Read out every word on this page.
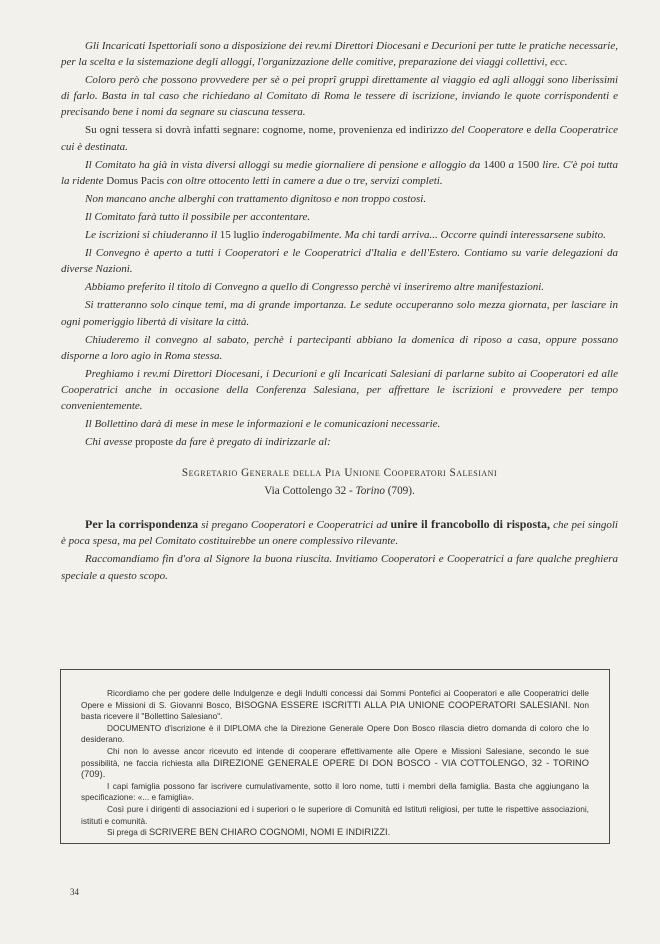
Gli Incaricati Ispettoriali sono a disposizione dei rev.mi Direttori Diocesani e Decurioni per tutte le pratiche necessarie, per la scelta e la sistemazione degli alloggi, l'organizzazione delle comitive, preparazione dei viaggi collettivi, ecc.

Coloro però che possono provvedere per sè o pei proprî gruppi direttamente al viaggio ed agli alloggi sono liberissimi di farlo. Basta in tal caso che richiedano al Comitato di Roma le tessere di iscrizione, inviando le quote corrispondenti e precisando bene i nomi da segnare su ciascuna tessera.

Su ogni tessera si dovrà infatti segnare: cognome, nome, provenienza ed indirizzo del Cooperatore e della Cooperatrice cui è destinata.

Il Comitato ha già in vista diversi alloggi su medie giornaliere di pensione e alloggio da 1400 a 1500 lire. C'è poi tutta la ridente Domus Pacis con oltre ottocento letti in camere a due o tre, servizi completi.

Non mancano anche alberghi con trattamento dignitoso e non troppo costosi.

Il Comitato farà tutto il possibile per accontentare.

Le iscrizioni si chiuderanno il 15 luglio inderogabilmente. Ma chi tardi arriva... Occorre quindi interessarsene subito.

Il Convegno è aperto a tutti i Cooperatori e le Cooperatrici d'Italia e dell'Estero. Contiamo su varie delegazioni da diverse Nazioni.

Abbiamo preferito il titolo di Convegno a quello di Congresso perchè vi inseriremo altre manifestazioni.

Si tratteranno solo cinque temi, ma di grande importanza. Le sedute occuperanno solo mezza giornata, per lasciare in ogni pomeriggio libertà di visitare la città.

Chiuderemo il convegno al sabato, perchè i partecipanti abbiano la domenica di riposo a casa, oppure possano disporne a loro agio in Roma stessa.

Preghiamo i rev.mi Direttori Diocesani, i Decurioni e gli Incaricati Salesiani di parlarne subito ai Cooperatori ed alle Cooperatrici anche in occasione della Conferenza Salesiana, per affrettare le iscrizioni e provvedere per tempo convenientemente.

Il Bollettino darà di mese in mese le informazioni e le comunicazioni necessarie.

Chi avesse proposte da fare è pregato di indirizzarle al:

Segretario Generale della Pia Unione Cooperatori Salesiani
Via Cottolengo 32 - Torino (709).

Per la corrispondenza si pregano Cooperatori e Cooperatrici ad unire il francobollo di risposta, che pei singoli è poca spesa, ma pel Comitato costituirebbe un onere complessivo rilevante.

Raccomandiamo fin d'ora al Signore la buona riuscita. Invitiamo Cooperatori e Cooperatrici a fare qualche preghiera speciale a questo scopo.

Ricordiamo che per godere delle Indulgenze e degli Indulti concessi dai Sommi Pontefici ai Cooperatori e alle Cooperatrici delle Opere e Missioni di S. Giovanni Bosco, BISOGNA ESSERE ISCRITTI ALLA PIA UNIONE COOPERATORI SALESIANI. Non basta ricevere il "Bollettino Salesiano".

DOCUMENTO d'iscrizione è il DIPLOMA che la Direzione Generale Opere Don Bosco rilascia dietro domanda di coloro che lo desiderano.

Chi non lo avesse ancor ricevuto ed intende di cooperare effettivamente alle Opere e Missioni Salesiane, secondo le sue possibilità, ne faccia richiesta alla DIREZIONE GENERALE OPERE DI DON BOSCO - VIA COTTOLENGO, 32 - TORINO (709).

I capi famiglia possono far iscrivere cumulativamente, sotto il loro nome, tutti i membri della famiglia. Basta che aggiungano la specificazione: «... e famiglia».

Così pure i dirigenti di associazioni ed i superiori o le superiore di Comunità ed Istituti religiosi, per tutte le rispettive associazioni, istituti e comunità.

Si prega di SCRIVERE BEN CHIARO COGNOMI, NOMI E INDIRIZZI.

34
